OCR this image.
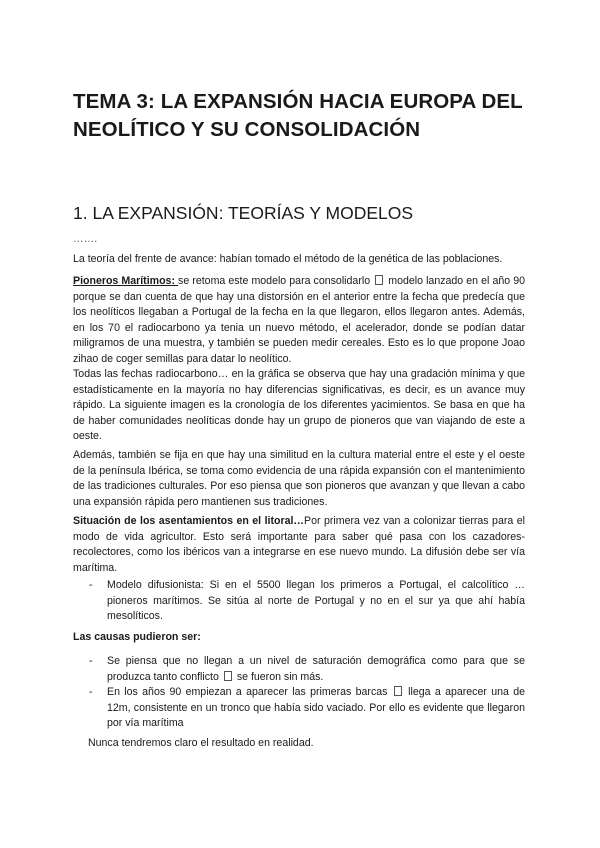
TEMA 3: LA EXPANSIÓN HACIA EUROPA DEL NEOLÍTICO Y SU CONSOLIDACIÓN
1. LA EXPANSIÓN: TEORÍAS Y MODELOS
…….
La teoría del frente de avance: habían tomado el método de la genética de las poblaciones.
Pioneros Marítimos: se retoma este modelo para consolidarlo modelo lanzado en el año 90 porque se dan cuenta de que hay una distorsión en el anterior entre la fecha que predecía que los neolíticos llegaban a Portugal de la fecha en la que llegaron, ellos llegaron antes. Además, en los 70 el radiocarbono ya tenia un nuevo método, el acelerador, donde se podían datar miligramos de una muestra, y también se pueden medir cereales. Esto es lo que propone Joao zihao de coger semillas para datar lo neolítico.
Todas las fechas radiocarbono… en la gráfica se observa que hay una gradación mínima y que estadísticamente en la mayoría no hay diferencias significativas, es decir, es un avance muy rápido. La siguiente imagen es la cronología de los diferentes yacimientos. Se basa en que ha de haber comunidades neolíticas donde hay un grupo de pioneros que van viajando de este a oeste.
Además, también se fija en que hay una similitud en la cultura material entre el este y el oeste de la península Ibérica, se toma como evidencia de una rápida expansión con el mantenimiento de las tradiciones culturales. Por eso piensa que son pioneros que avanzan y que llevan a cabo una expansión rápida pero mantienen sus tradiciones.
Situación de los asentamientos en el litoral…Por primera vez van a colonizar tierras para el modo de vida agricultor. Esto será importante para saber qué pasa con los cazadores-recolectores, como los ibéricos van a integrarse en ese nuevo mundo. La difusión debe ser vía marítima.
- Modelo difusionista: Si en el 5500 llegan los primeros a Portugal, el calcolítico … pioneros marítimos. Se sitúa al norte de Portugal y no en el sur ya que ahí había mesolíticos.
Las causas pudieron ser:
- Se piensa que no llegan a un nivel de saturación demográfica como para que se produzca tanto conflicto se fueron sin más.
- En los años 90 empiezan a aparecer las primeras barcas llega a aparecer una de 12m, consistente en un tronco que había sido vaciado. Por ello es evidente que llegaron por vía marítima
Nunca tendremos claro el resultado en realidad.
